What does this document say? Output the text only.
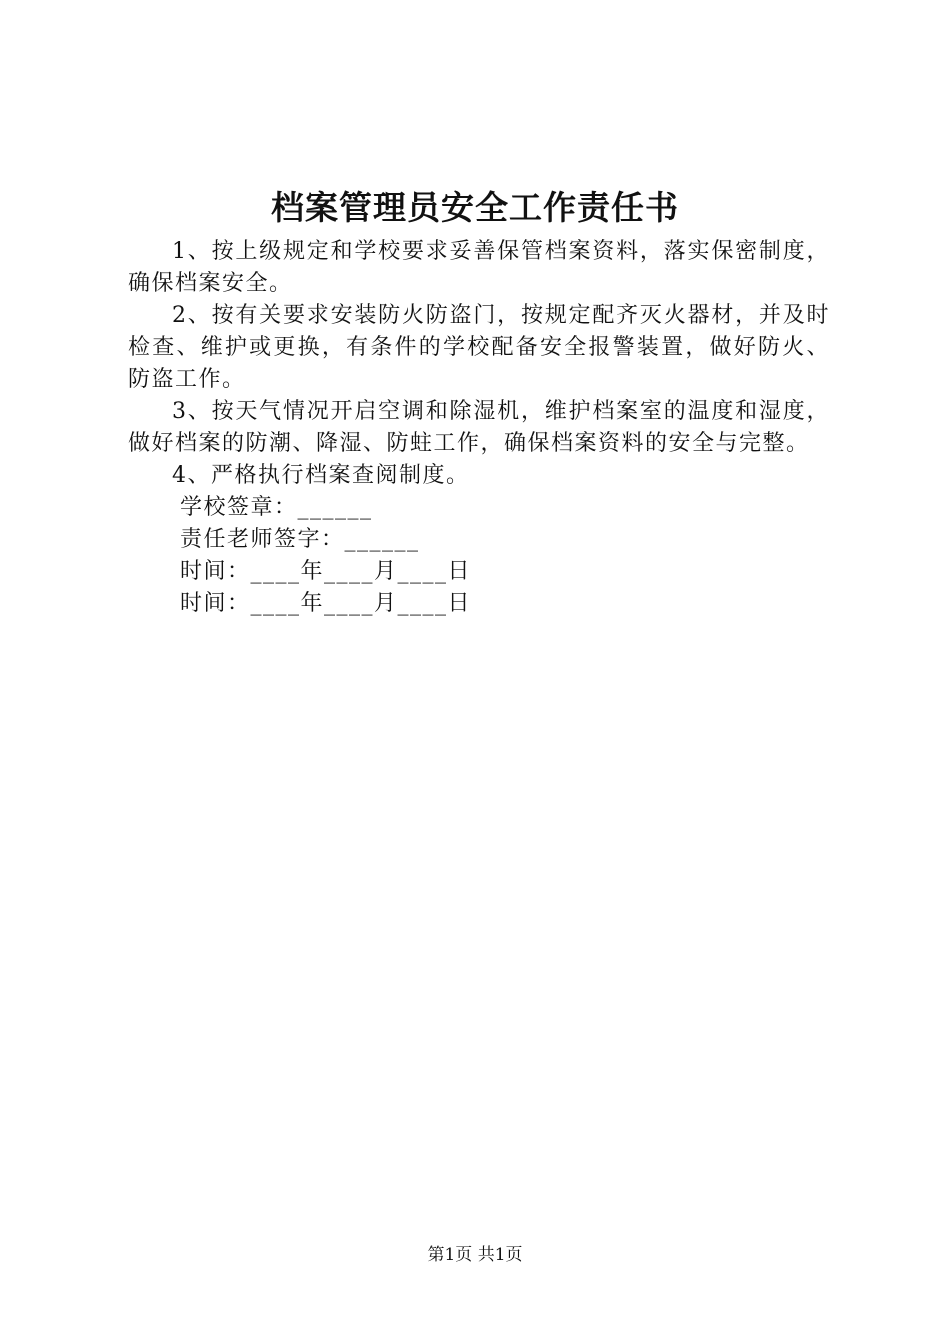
档案管理员安全工作责任书

1、按上级规定和学校要求妥善保管档案资料，落实保密制度，确保档案安全。

2、按有关要求安装防火防盗门，按规定配齐灭火器材，并及时检查、维护或更换，有条件的学校配备安全报警装置，做好防火、防盗工作。

3、按天气情况开启空调和除湿机，维护档案室的温度和湿度，做好档案的防潮、降湿、防蛀工作，确保档案资料的安全与完整。

4、严格执行档案查阅制度。

学校签章：______

责任老师签字：______

时间：____年____月____日

时间：____年____月____日

第1页 共1页
